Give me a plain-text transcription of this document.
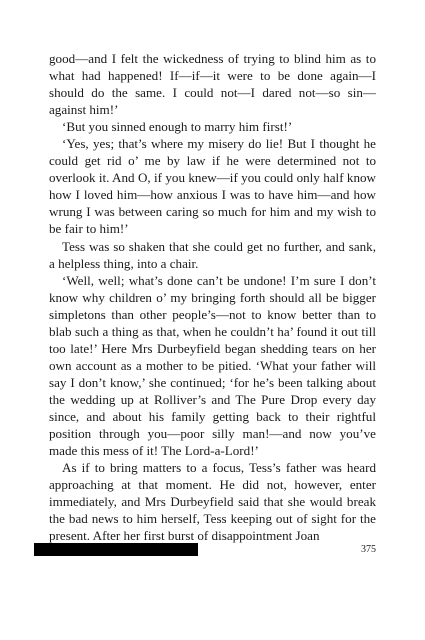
good—and I felt the wickedness of trying to blind him as to what had happened! If—if—it were to be done again—I should do the same. I could not—I dared not—so sin—against him!’

‘But you sinned enough to marry him first!’

‘Yes, yes; that’s where my misery do lie! But I thought he could get rid o’ me by law if he were determined not to overlook it. And O, if you knew—if you could only half know how I loved him—how anxious I was to have him—and how wrung I was between caring so much for him and my wish to be fair to him!’

Tess was so shaken that she could get no further, and sank, a helpless thing, into a chair.

‘Well, well; what’s done can’t be undone! I’m sure I don’t know why children o’ my bringing forth should all be bigger simpletons than other people’s—not to know better than to blab such a thing as that, when he couldn’t ha’ found it out till too late!’ Here Mrs Durbeyfield began shedding tears on her own account as a mother to be pitied. ‘What your father will say I don’t know,’ she continued; ‘for he’s been talking about the wedding up at Rolliver’s and The Pure Drop every day since, and about his family getting back to their rightful position through you—poor silly man!—and now you’ve made this mess of it! The Lord-a-Lord!’

As if to bring matters to a focus, Tess’s father was heard approaching at that moment. He did not, however, enter immediately, and Mrs Durbeyfield said that she would break the bad news to him herself, Tess keeping out of sight for the present. After her first burst of disappointment Joan

375
